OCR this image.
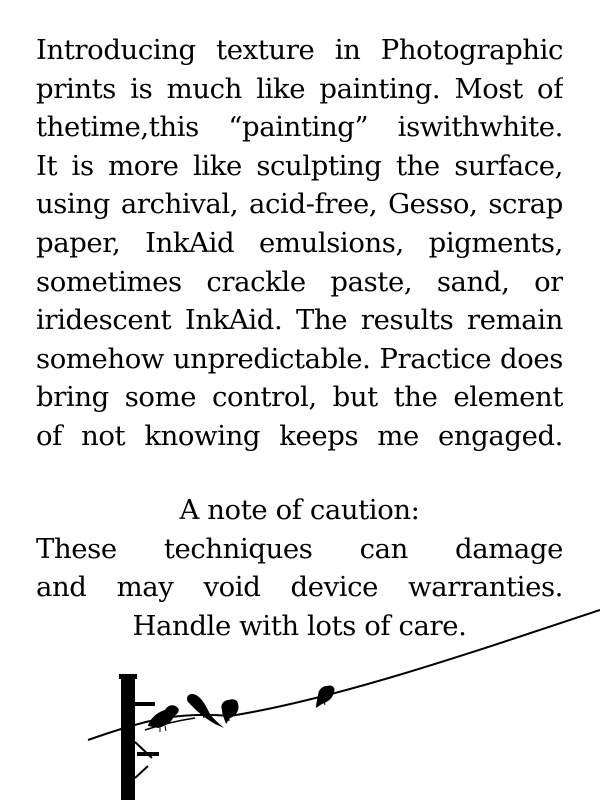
Introducing texture in Photographic
prints is much like painting. Most of
thetime,this “painting” iswithwhite.
It is more like sculpting the surface,
using archival, acid-free, Gesso, scrap
paper, InkAid emulsions, pigments,
sometimes crackle paste, sand, or
iridescent InkAid. The results remain
somehow unpredictable. Practice does
bring some control, but the element
of not knowing keeps me engaged.
A note of caution:
These techniques can damage
and may void device warranties.
Handle with lots of care.
